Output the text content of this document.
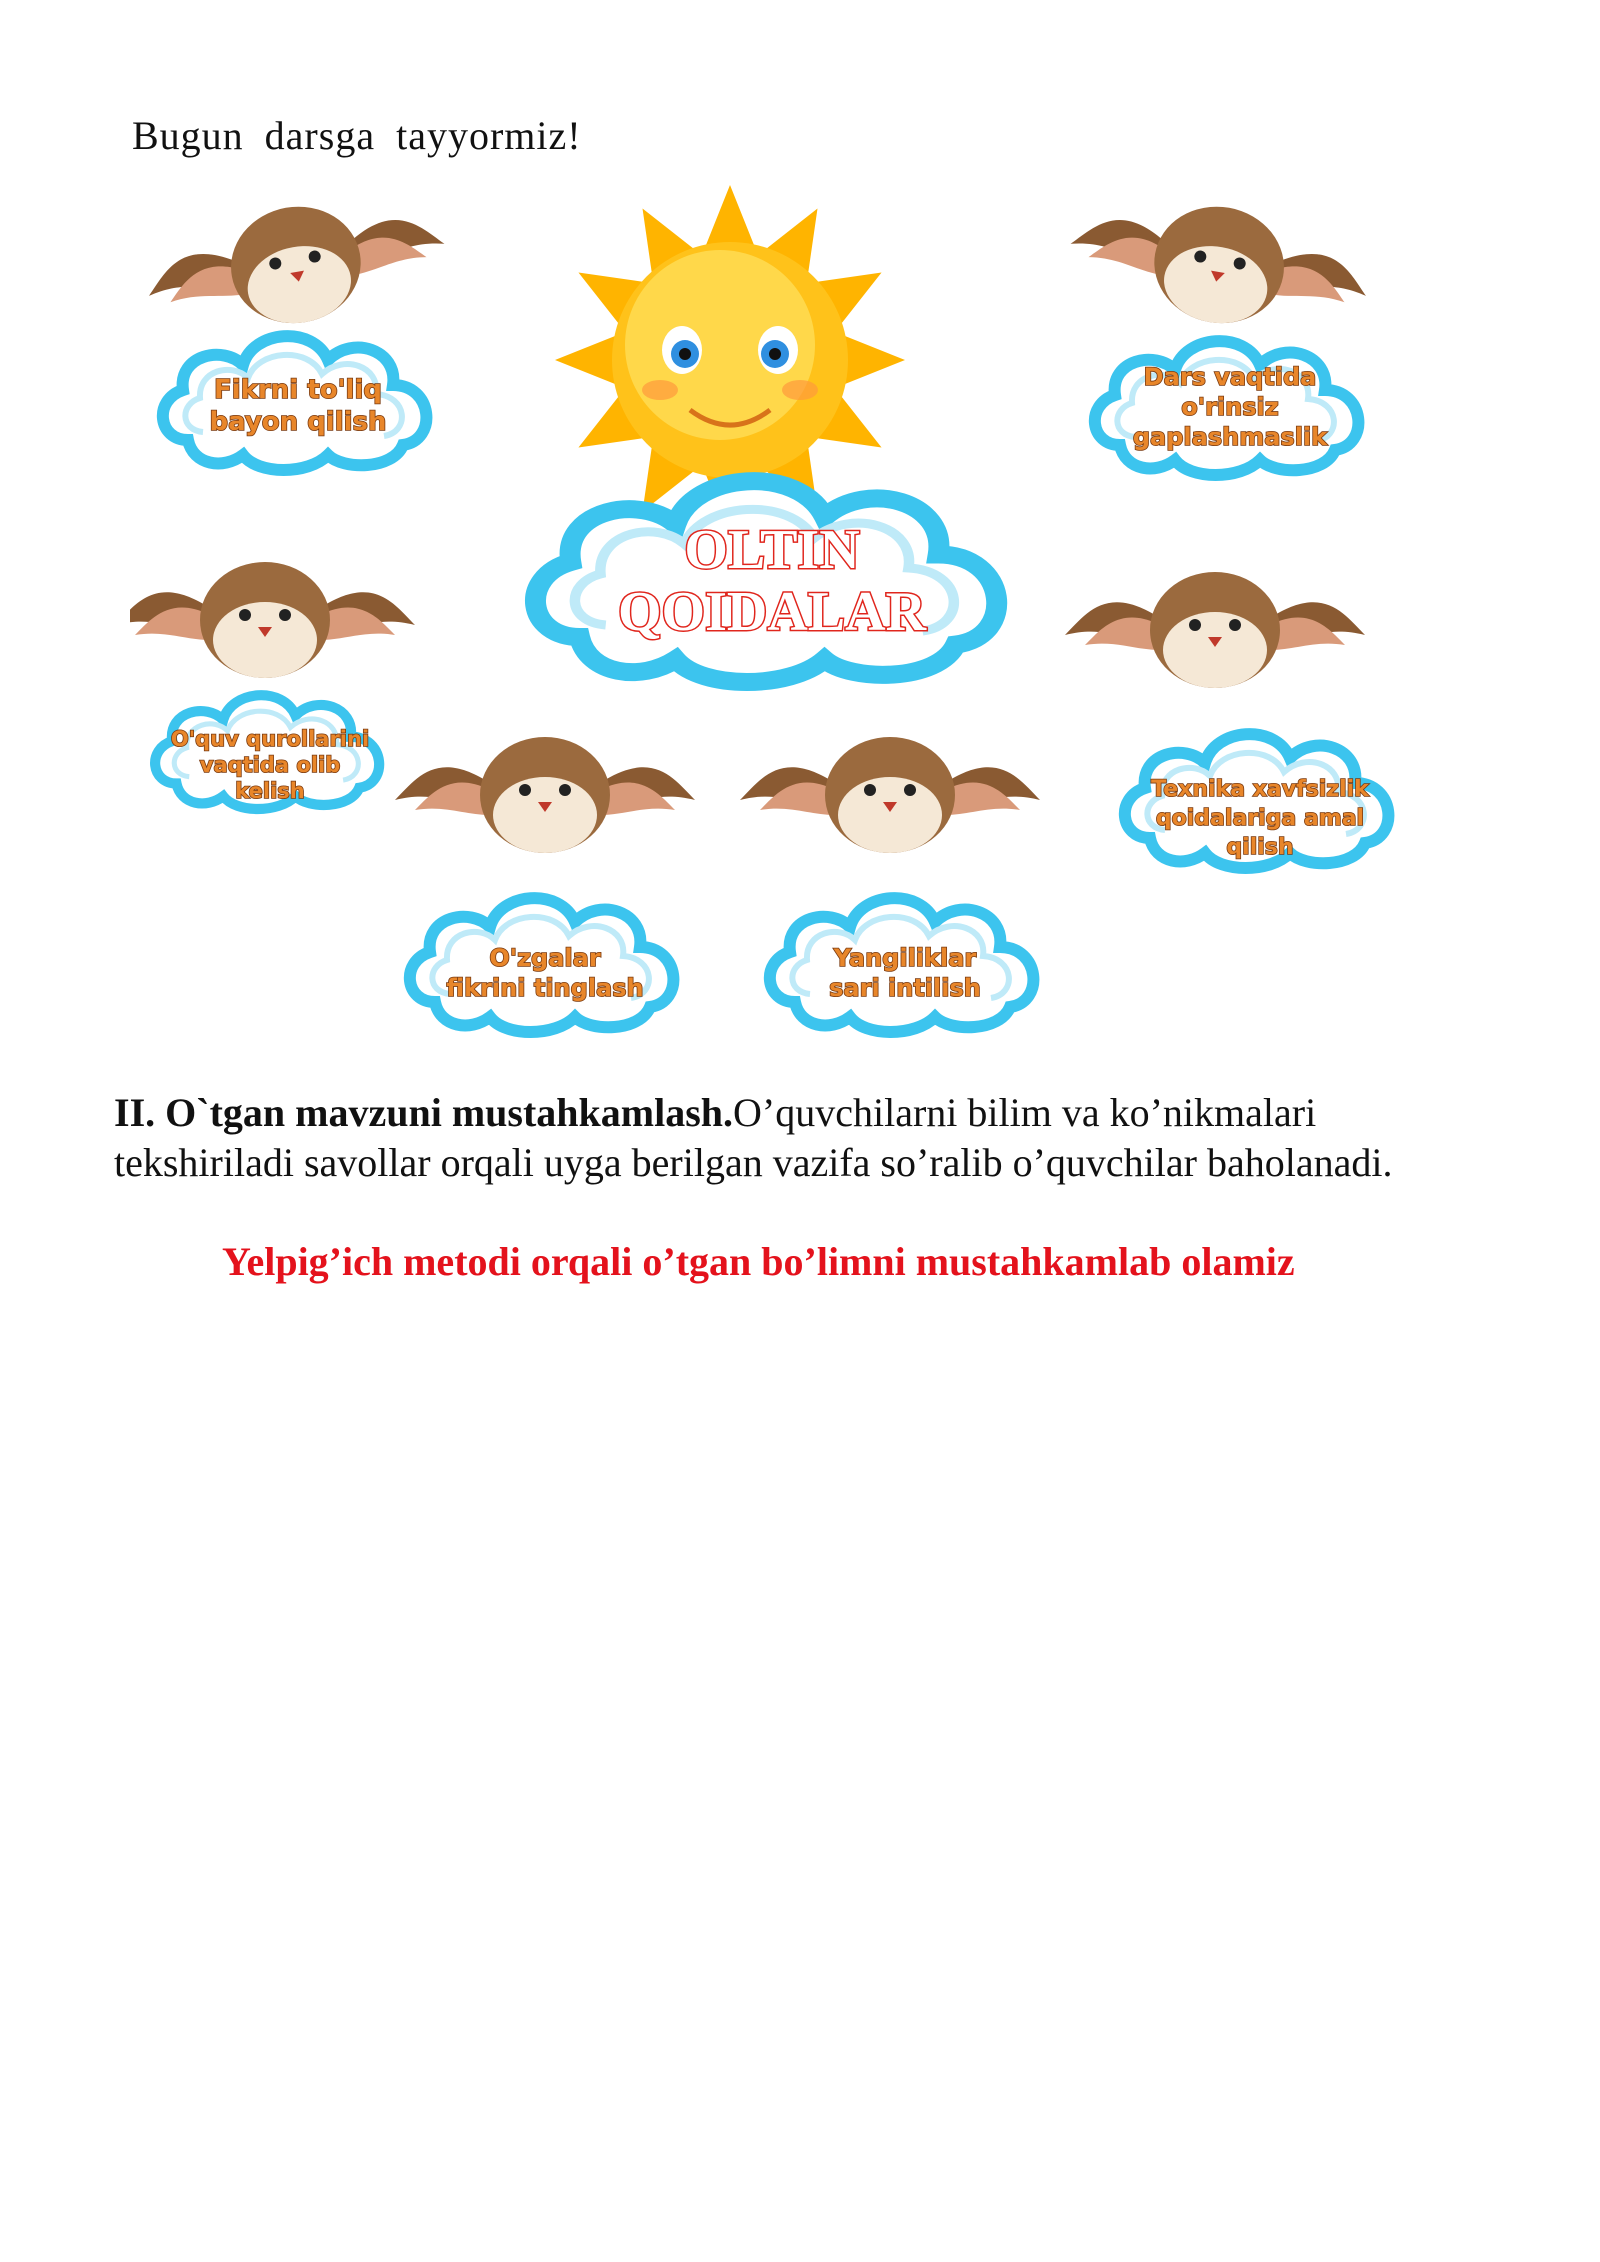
Bugun darsga tayyormiz!
OLTIN
QOIDALAR
Fikrni to'liq
bayon qilish
Dars vaqtida
o'rinsiz
gaplashmaslik
O'quv qurollarini
vaqtida olib
kelish	Texnika xavfsizlik
qoidalariga amal
qilish
O'zgalar
fikrini tinglash
Yangiliklar
sari intilish
II. O`tgan mavzuni mustahkamlash.O’quvchilarni bilim va ko’nikmalari tekshiriladi savollar orqali uyga berilgan vazifa so’ralib o’quvchilar baholanadi.
Yelpig’ich metodi orqali o’tgan bo’limni mustahkamlab olamiz
